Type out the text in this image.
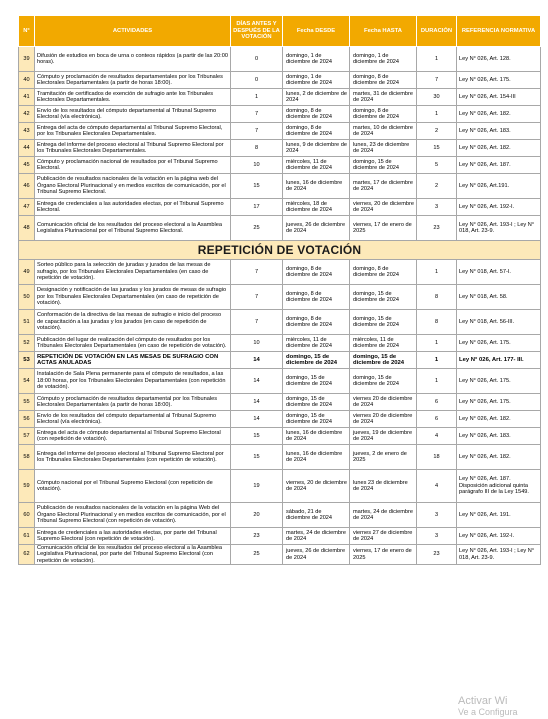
N°	ACTIVIDADES	DÍAS ANTES Y DESPUÉS DE LA VOTACIÓN	Fecha DESDE	Fecha HASTA	DURACIÓN	REFERENCIA NORMATIVA
39	Difusión de estudios en boca de urna o conteos rápidos (a partir de las 20:00 horas).	0	domingo, 1 de diciembre de 2024	domingo, 1 de diciembre de 2024	1	Ley N° 026, Art. 128.
40	Cómputo y proclamación de resultados departamentales por los Tribunales Electorales Departamentales (a partir de horas 18:00).	0	domingo, 1 de diciembre de 2024	domingo, 8 de diciembre de 2024	7	Ley N° 026, Art. 175.
41	Tramitación de certificados de exención de sufragio ante los Tribunales Electorales Departamentales.	1	lunes, 2 de diciembre de 2024	martes, 31 de diciembre de 2024	30	Ley N° 026, Art. 154-III
42	Envío de los resultados del cómputo departamental al Tribunal Supremo Electoral (vía electrónica).	7	domingo, 8 de diciembre de 2024	domingo, 8 de diciembre de 2024	1	Ley N° 026, Art. 182.
43	Entrega del acta de cómputo departamental al Tribunal Supremo Electoral, por los Tribunales Electorales Departamentales.	7	domingo, 8 de diciembre de 2024	martes, 10 de diciembre de 2024	2	Ley N° 026, Art. 183.
44	Entrega del informe del proceso electoral al Tribunal Supremo Electoral por los Tribunales Electorales Departamentales.	8	lunes, 9 de diciembre de 2024	lunes, 23 de diciembre de 2024	15	Ley N° 026, Art. 182.
45	Cómputo y proclamación nacional de resultados por el Tribunal Supremo Electoral.	10	miércoles, 11 de diciembre de 2024	domingo, 15 de diciembre de 2024	5	Ley N° 026, Art. 187.
46	Publicación de resultados nacionales de la votación en la página web del Órgano Electoral Plurinacional y en medios escritos de comunicación, por el Tribunal Supremo Electoral.	15	lunes, 16 de diciembre de 2024	martes, 17 de diciembre de 2024	2	Ley N° 026, Art.191.
47	Entrega de credenciales a las autoridades electas, por el Tribunal Supremo Electoral.	17	miércoles, 18 de diciembre de 2024	viernes, 20 de diciembre de 2024	3	Ley N° 026, Art. 192-I.
48	Comunicación oficial de los resultados del proceso electoral a la Asamblea Legislativa Plurinacional por el Tribunal Supremo Electoral.	25	jueves, 26 de diciembre de 2024	viernes, 17 de enero de 2025	23	Ley N° 026, Art. 193-I ; Ley N° 018, Art. 23-9.
REPETICIÓN DE VOTACIÓN						
49	Sorteo público para la selección de juradas y jurados de las mesas de sufragio, por los Tribunales Electorales Departamentales (en caso de repetición de votación).	7	domingo, 8 de diciembre de 2024	domingo, 8 de diciembre de 2024	1	Ley N° 018, Art. 57-I.
50	Designación y notificación de las juradas y los jurados de mesas de sufragio por los Tribunales Electorales Departamentales (en caso de repetición de votación).	7	domingo, 8 de diciembre de 2024	domingo, 15 de diciembre de 2024	8	Ley N° 018, Art. 58.
51	Conformación de la directiva de las mesas de sufragio e inicio del proceso de capacitación a las juradas y los jurados (en caso de repetición de votación).	7	domingo, 8 de diciembre de 2024	domingo, 15 de diciembre de 2024	8	Ley N° 018, Art. 56-III.
52	Publicación del lugar de realización del cómputo de resultados por los Tribunales Electorales Departamentales (en caso de repetición de votación).	10	miércoles, 11 de diciembre de 2024	miércoles, 11 de diciembre de 2024	1	Ley N° 026, Art. 175.
53	REPETICIÓN DE VOTACIÓN EN LAS MESAS DE SUFRAGIO CON ACTAS ANULADAS	14	domingo, 15 de diciembre de 2024	domingo, 15 de diciembre de 2024	1	Ley N° 026, Art. 177- III.
54	Instalación de Sala Plena permanente para el cómputo de resultados, a las 18:00 horas, por los Tribunales Electorales Departamentales (con repetición de votación).	14	domingo, 15 de diciembre de 2024	domingo, 15 de diciembre de 2024	1	Ley N° 026, Art. 175.
55	Cómputo y proclamación de resultados departamental por los Tribunales Electorales Departamentales (a partir de horas 18:00).	14	domingo, 15 de diciembre de 2024	viernes 20 de diciembre de 2024	6	Ley N° 026, Art. 175.
56	Envío de los resultados del cómputo departamental al Tribunal Supremo Electoral (vía electrónica).	14	domingo, 15 de diciembre de 2024	viernes 20 de diciembre de 2024	6	Ley N° 026, Art. 182.
57	Entrega del acta de cómputo departamental al Tribunal Supremo Electoral (con repetición de votación).	15	lunes, 16 de diciembre de 2024	jueves, 19 de diciembre de 2024	4	Ley N° 026, Art. 183.
58	Entrega del informe del proceso electoral al Tribunal Supremo Electoral por los Tribunales Electorales Departamentales (con repetición de votación).	15	lunes, 16 de diciembre de 2024	jueves, 2 de enero de 2025	18	Ley N° 026, Art. 182.
59	Cómputo nacional por el Tribunal Supremo Electoral (con repetición de votación).	19	viernes, 20 de diciembre de 2024	lunes 23 de diciembre de 2024	4	Ley N° 026, Art. 187. Disposición adicional quinta parágrafo III de la Ley 1549.
60	Publicación de resultados nacionales de la votación en la página Web del Órgano Electoral Plurinacional y en medios escritos de comunicación, por el Tribunal Supremo Electoral (con repetición de votación).	20	sábado, 21 de diciembre de 2024	martes, 24 de diciembre de 2024	3	Ley N° 026, Art. 191.
61	Entrega de credenciales a las autoridades electas, por parte del Tribunal Supremo Electoral (con repetición de votación).	23	martes, 24 de diciembre de 2024	viernes 27 de diciembre de 2024	3	Ley N° 026, Art. 192-I.
62	Comunicación oficial de los resultados del proceso electoral a la Asamblea Legislativa Plurinacional, por parte del Tribunal Supremo Electoral (con repetición de votación).	25	jueves, 26 de diciembre de 2024	viernes, 17 de enero de 2025	23	Ley N° 026, Art. 193-I ; Ley N° 018, Art. 23-9.
Activar Wi
Ve a Configura
